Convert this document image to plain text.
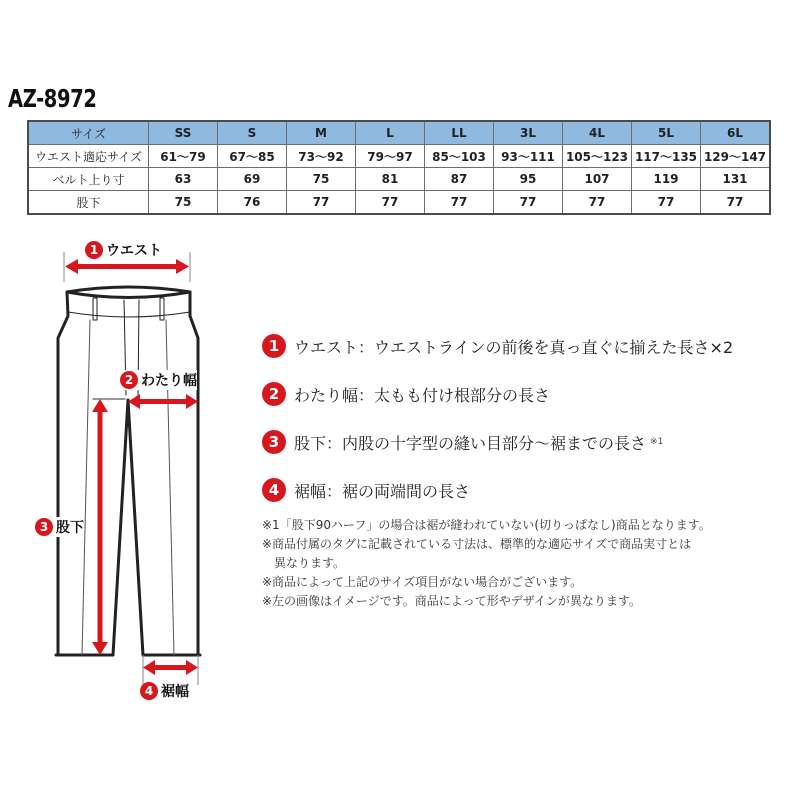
AZ-8972
サイズ	SS	S	M	L	LL	3L	4L	5L	6L
ウエスト適応サイズ	61〜79	67〜85	73〜92	79〜97	85〜103	93〜111	105〜123	117〜135	129〜147
ベルト上り寸	63	69	75	81	87	95	107	119	131
股下	75	76	77	77	77	77	77	77	77
1 ウエスト
2 わたり幅
3 股下
4 裾幅
1 ウエスト ：ウエストラインの前後を真っ直ぐに揃えた長さ×2
2 わたり幅 ：太もも付け根部分の長さ
3 股下 ：内股の十字型の縫い目部分〜裾までの長さ ※1
4 裾幅 ：裾の両端間の長さ
※1「股下90ハーフ」の場合は裾が縫われていない(切りっぱなし)商品となります。
※商品付属のタグに記載されている寸法は、標準的な適応サイズで商品実寸とは
異なります。
※商品によって上記のサイズ項目がない場合がございます。
※左の画像はイメージです。商品によって形やデザインが異なります。
